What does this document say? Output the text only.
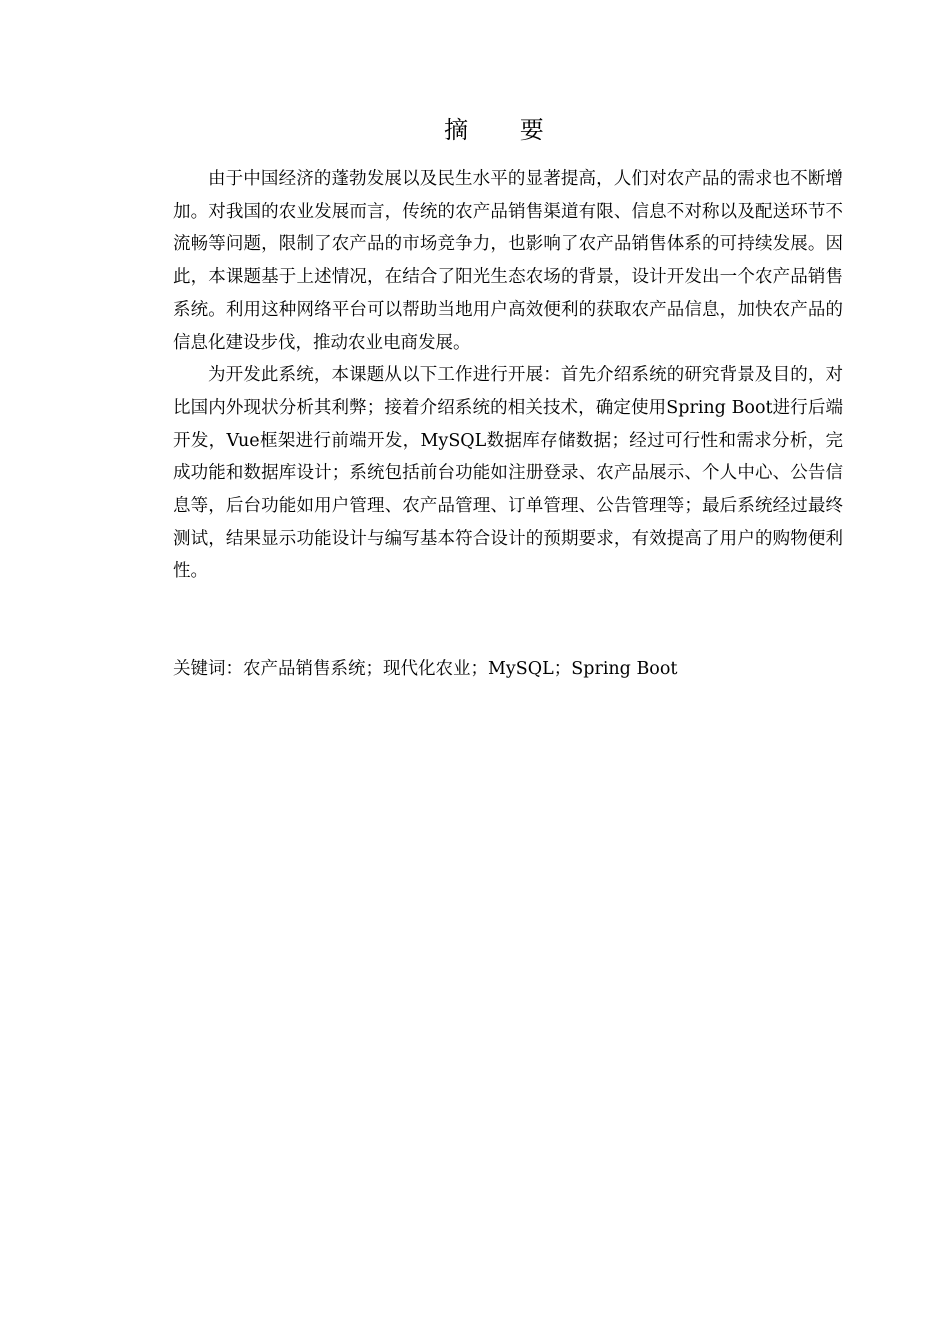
摘 要

由于中国经济的蓬勃发展以及民生水平的显著提高，人们对农产品的需求也不断增加。对我国的农业发展而言，传统的农产品销售渠道有限、信息不对称以及配送环节不流畅等问题，限制了农产品的市场竞争力，也影响了农产品销售体系的可持续发展。因此，本课题基于上述情况，在结合了阳光生态农场的背景，设计开发出一个农产品销售系统。利用这种网络平台可以帮助当地用户高效便利的获取农产品信息，加快农产品的信息化建设步伐，推动农业电商发展。

为开发此系统，本课题从以下工作进行开展：首先介绍系统的研究背景及目的，对比国内外现状分析其利弊；接着介绍系统的相关技术，确定使用Spring Boot进行后端开发，Vue框架进行前端开发，MySQL数据库存储数据；经过可行性和需求分析，完成功能和数据库设计；系统包括前台功能如注册登录、农产品展示、个人中心、公告信息等，后台功能如用户管理、农产品管理、订单管理、公告管理等；最后系统经过最终测试，结果显示功能设计与编写基本符合设计的预期要求，有效提高了用户的购物便利性。

关键词：农产品销售系统；现代化农业；MySQL；Spring Boot
